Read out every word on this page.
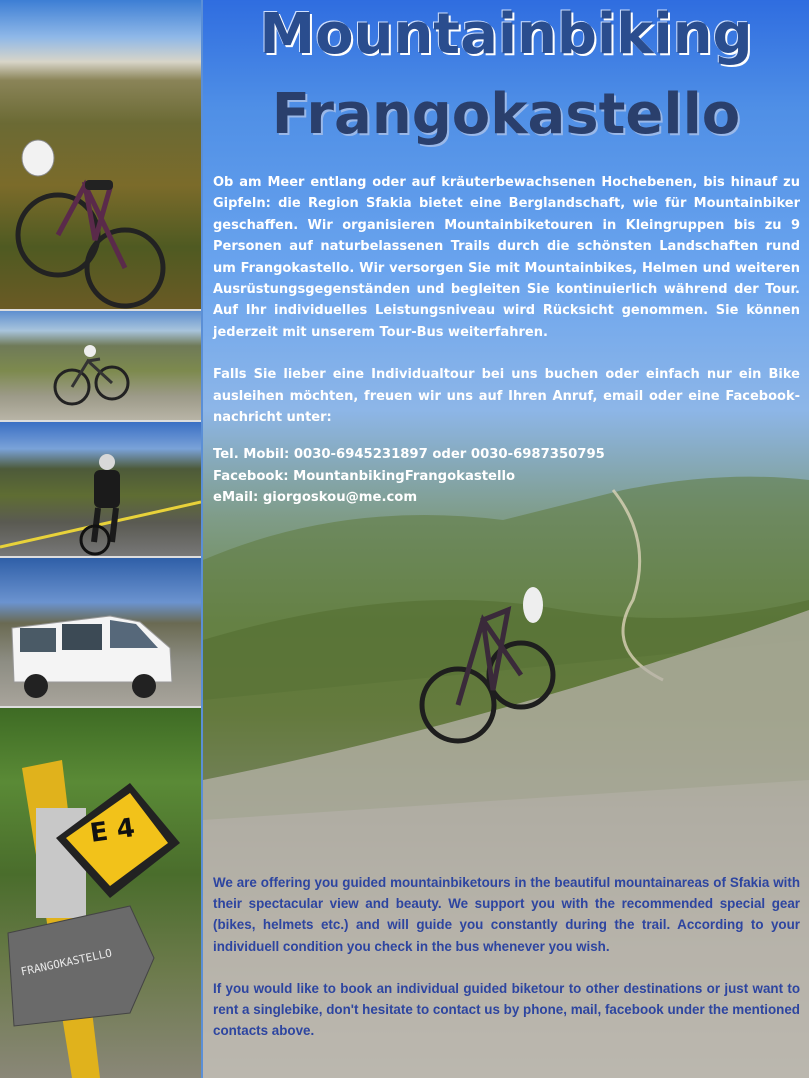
E 4
FRANGOKASTELLO
Mountainbiking
Frangokastello

Ob am Meer entlang oder auf kräuterbewachsenen Hochebenen, bis hinauf zu Gipfeln: die Region Sfakia bietet eine Berglandschaft, wie für Mountainbiker geschaffen. Wir organisieren Mountainbiketouren in Kleingruppen bis zu 9 Personen auf naturbelassenen Trails durch die schönsten Landschaften rund um Frangokastello. Wir versorgen Sie mit Mountainbikes, Helmen und weiteren Ausrüstungsgegenständen und begleiten Sie kontinuierlich während der Tour. Auf Ihr individuelles Leistungsniveau wird Rücksicht genommen. Sie können jederzeit mit unserem Tour-Bus weiterfahren.

Falls Sie lieber eine Individualtour bei uns buchen oder einfach nur ein Bike ausleihen möchten, freuen wir uns auf Ihren Anruf, email oder eine Facebook-nachricht unter:

Tel. Mobil: 0030-6945231897 oder 0030-6987350795
Facebook: MountanbikingFrangokastello
eMail: giorgoskou@me.com

We are offering you guided mountainbiketours in the beautiful mountainareas of Sfakia with their spectacular view and beauty. We support you with the recommended special gear (bikes, helmets etc.) and will guide you constantly during the trail. According to your individuell condition you check in the bus whenever you wish.

If you would like to book an individual guided biketour to other destinations or just want to rent a singlebike, don't hesitate to contact us by phone, mail, facebook under the mentioned contacts above.
